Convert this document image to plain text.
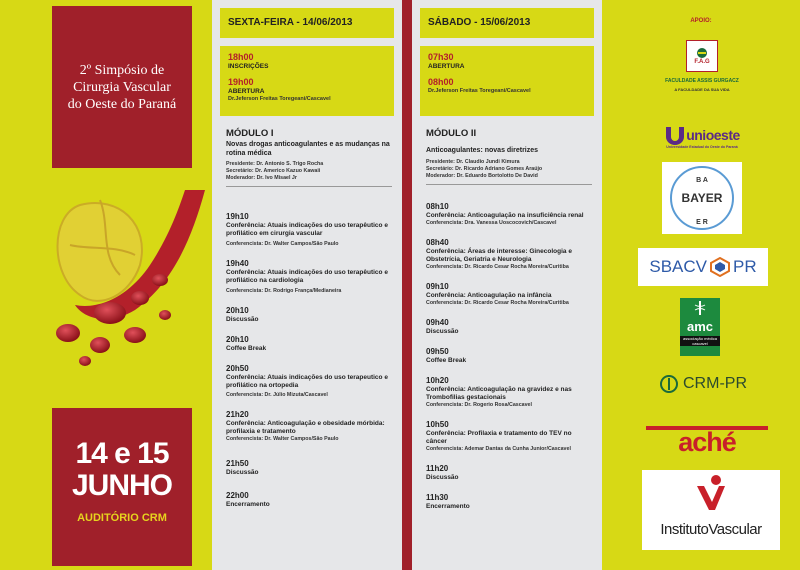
2º Simpósio de
Cirurgia Vascular
do Oeste do Paraná
14 e 15
JUNHO
AUDITÓRIO CRM
SEXTA-FEIRA - 14/06/2013
18h00
INSCRIÇÕES
19h00
ABERTURA
Dr.Jeferson Freitas Toregeani/Cascavel
MÓDULO I
Novas drogas anticoagulantes e as mudanças na rotina médica
Presidente: Dr. Antonio S. Trigo Rocha
Secretário: Dr. Americo Kazuo Kawaii
Moderador: Dr. Ivo Misael Jr
19h10
Conferência: Atuais indicações do uso terapêutico e profilático em cirurgia vascular
Conferencista: Dr. Walter Campos/São Paulo
19h40
Conferência: Atuais indicações do uso terapêutico e profilático na cardiologia
Conferencista: Dr. Rodrigo França/Medianeira
20h10
Discussão
20h10
Coffee Break
20h50
Conferência: Atuais indicações do uso terapeutico e profilático na ortopedia
Conferencista: Dr. Júlio Mizuta/Cascavel
21h20
Conferência: Anticoagulação e obesidade mórbida: profilaxia e tratamento
Conferencista: Dr. Walter Campos/São Paulo
21h50
Discussão
22h00
Encerramento
SÁBADO - 15/06/2013
07h30
ABERTURA
08h00
Dr.Jeferson Freitas Toregeani/Cascavel
MÓDULO II
Anticoagulantes: novas diretrizes
Presidente: Dr. Claudio Jundi Kimura
Secretário: Dr. Ricardo Adriano Gomes Araújo
Moderador: Dr. Eduardo Bortolotto De David
08h10
Conferência: Anticoagulação na insuficiência renal
Conferencista: Dra. Vanessa Uoscocovich/Cascavel
08h40
Conferência: Áreas de interesse: Ginecologia e Obstetrícia, Geriatria e Neurologia
Conferencista: Dr. Ricardo Cesar Rocha Moreira/Curitiba
09h10
Conferência: Anticoagulação na infância
Conferencista: Dr. Ricardo Cesar Rocha Moreira/Curitiba
09h40
Discussão
09h50
Coffee Break
10h20
Conferência: Anticoagulação na gravidez e nas Trombofilias gestacionais
Conferencista: Dr. Rogerio Rosa/Cascavel
10h50
Conferência: Profilaxia e tratamento do TEV no câncer
Conferencista: Ademar Dantas da Cunha Junior/Cascavel
11h20
Discussão
11h30
Encerramento
APOIO:
F.A.G
FACULDADE ASSIS GURGACZ
A FACULDADE DA SUA VIDA
unioeste
Universidade Estadual do Oeste do Paraná
BAYER
B A
E R
SBACV PR
amc
associação médica cascavel
CRM-PR
aché
InstitutoVascular
